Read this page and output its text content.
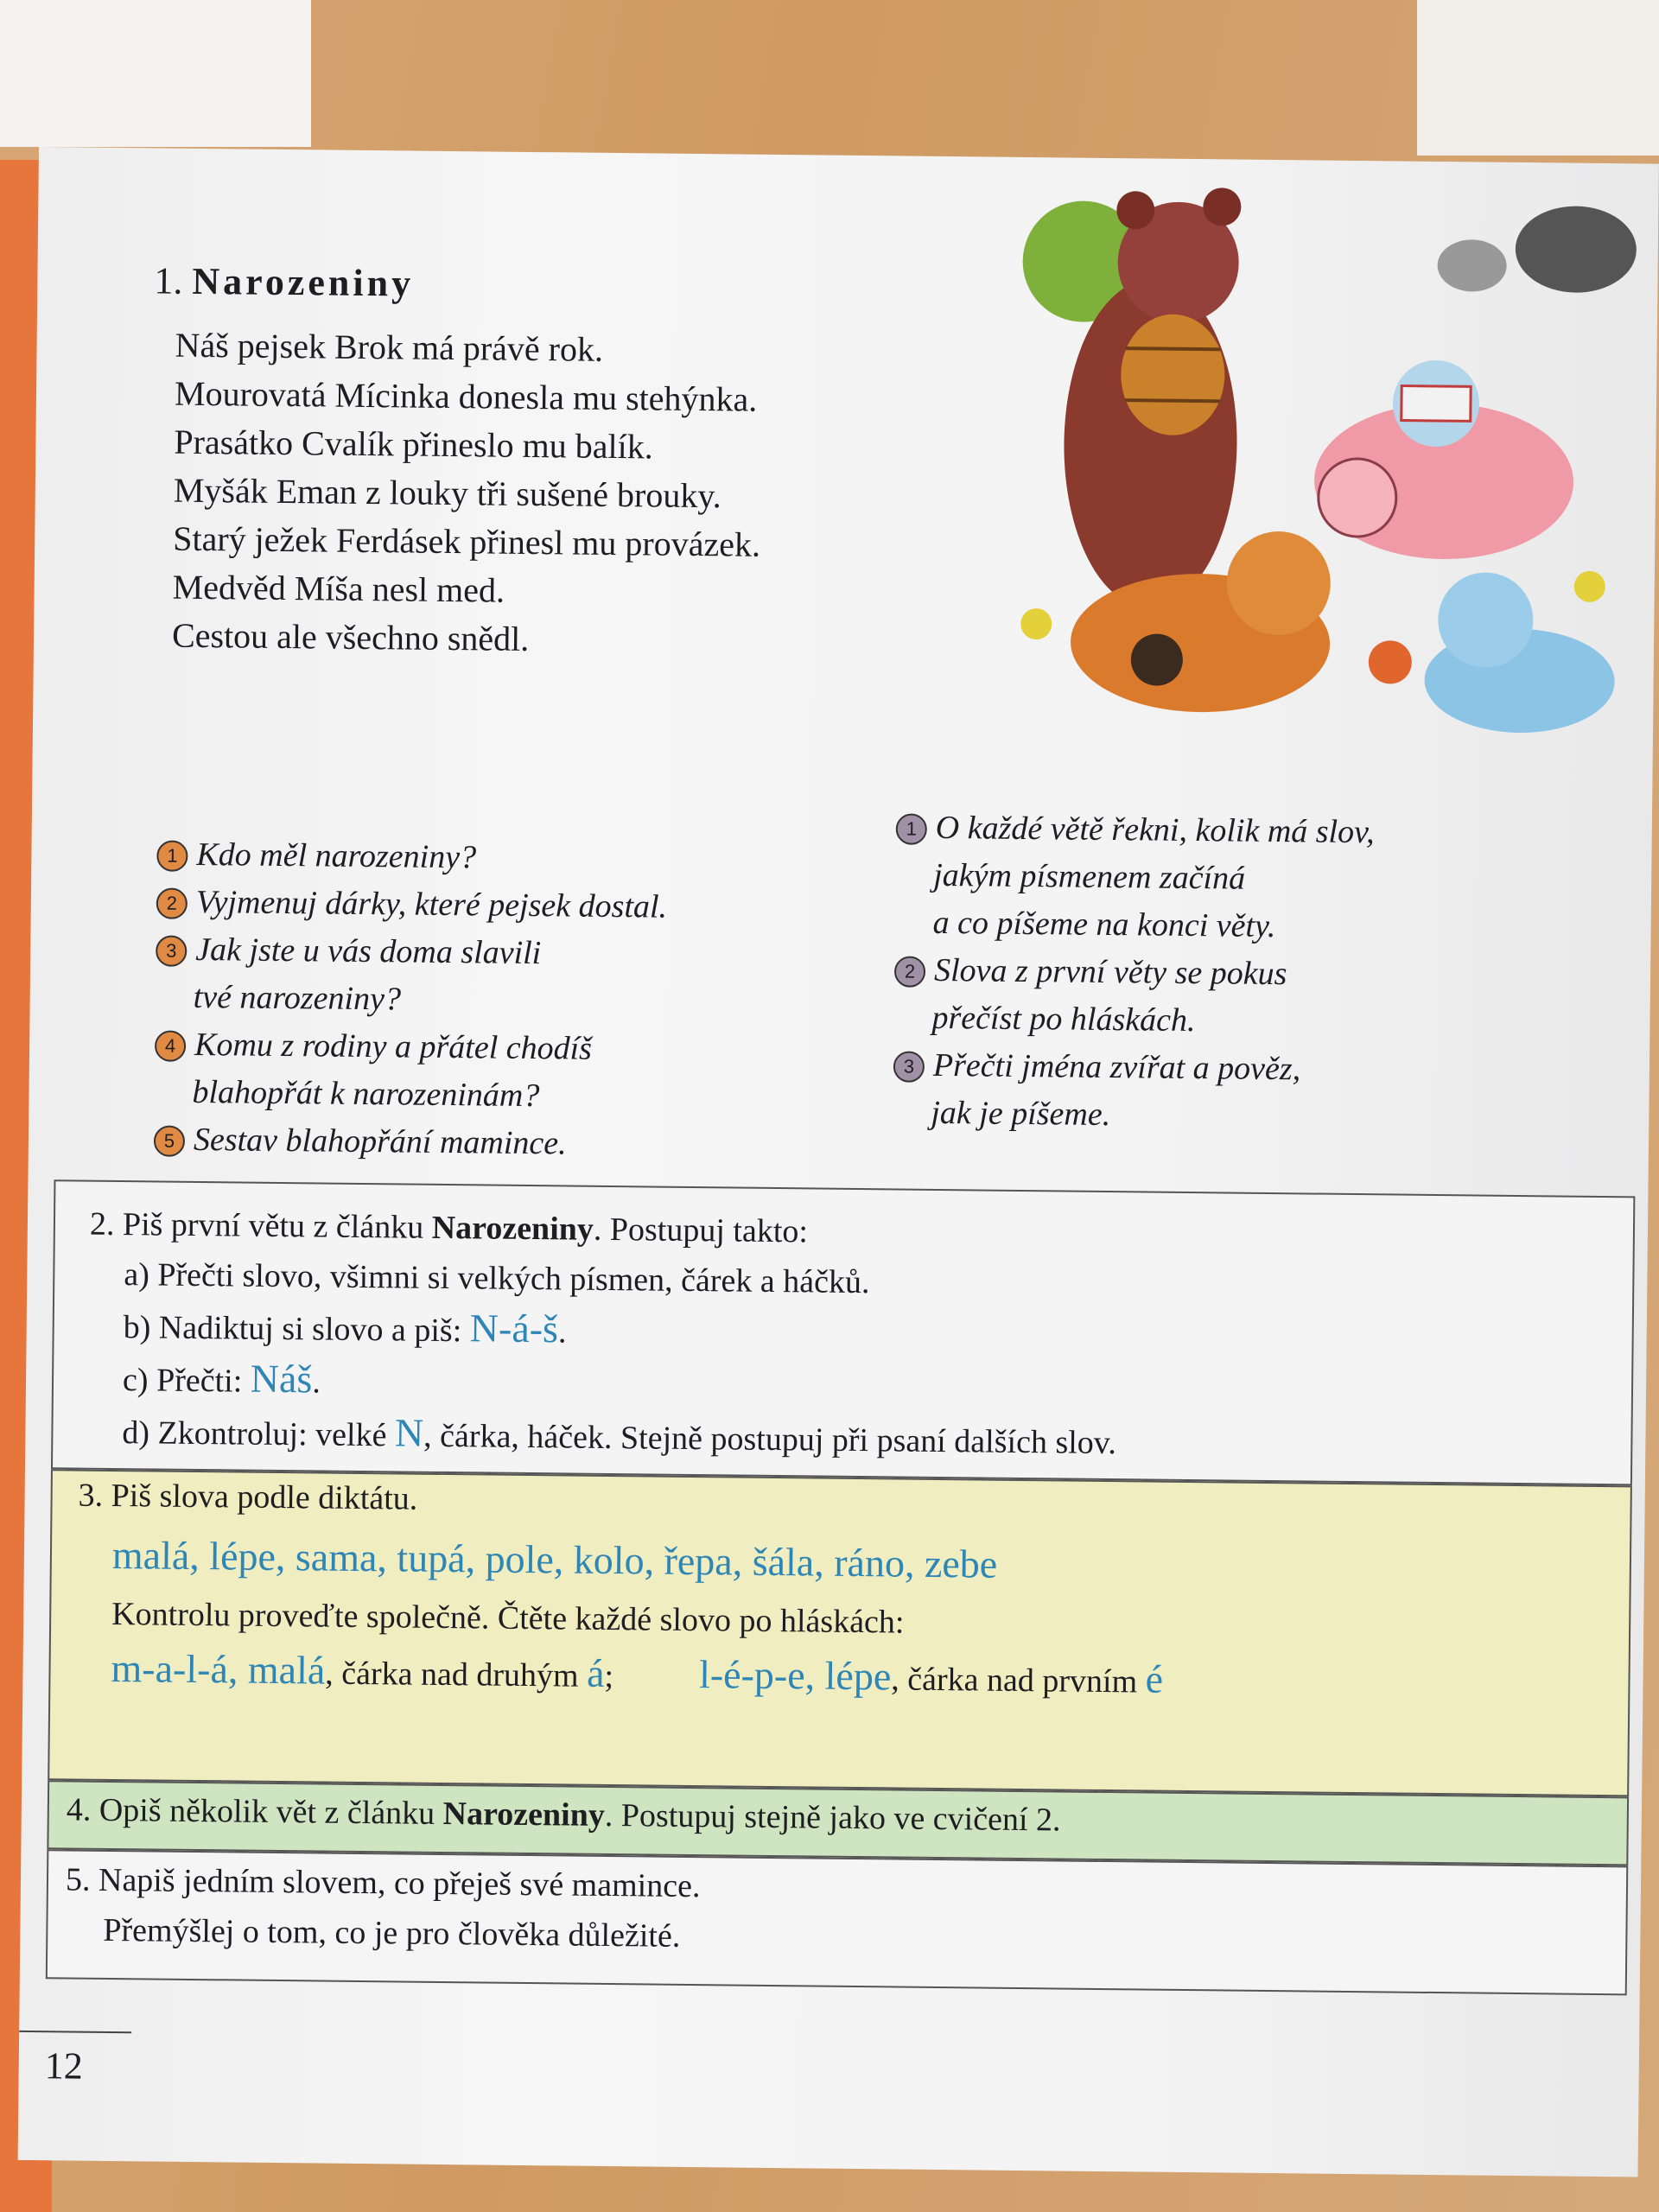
1. Narozeniny
Náš pejsek Brok má právě rok.
Mourovatá Mícinka donesla mu stehýnka.
Prasátko Cvalík přineslo mu balík.
Myšák Eman z louky tři sušené brouky.
Starý ježek Ferdásek přinesl mu provázek.
Medvěd Míša nesl med.
Cestou ale všechno snědl.
1 Kdo měl narozeniny?
2 Vyjmenuj dárky, které pejsek dostal.
3 Jak jste u vás doma slavili
tvé narozeniny?
4 Komu z rodiny a přátel chodíš
blahopřát k narozeninám?
5 Sestav blahopřání mamince.
1 O každé větě řekni, kolik má slov,
jakým písmenem začíná
a co píšeme na konci věty.
2 Slova z první věty se pokus
přečíst po hláskách.
3 Přečti jména zvířat a pověz,
jak je píšeme.
2. Piš první větu z článku Narozeniny. Postupuj takto:
a) Přečti slovo, všimni si velkých písmen, čárek a háčků.
b) Nadiktuj si slovo a piš: N-á-š.
c) Přečti: Náš.
d) Zkontroluj: velké N, čárka, háček. Stejně postupuj při psaní dalších slov.
3. Piš slova podle diktátu.
malá, lépe, sama, tupá, pole, kolo, řepa, šála, ráno, zebe
Kontrolu proveďte společně. Čtěte každé slovo po hláskách:
m-a-l-á, malá, čárka nad druhým á; l-é-p-e, lépe, čárka nad prvním é
4. Opiš několik vět z článku Narozeniny. Postupuj stejně jako ve cvičení 2.
5. Napiš jedním slovem, co přeješ své mamince.
Přemýšlej o tom, co je pro člověka důležité.
12
